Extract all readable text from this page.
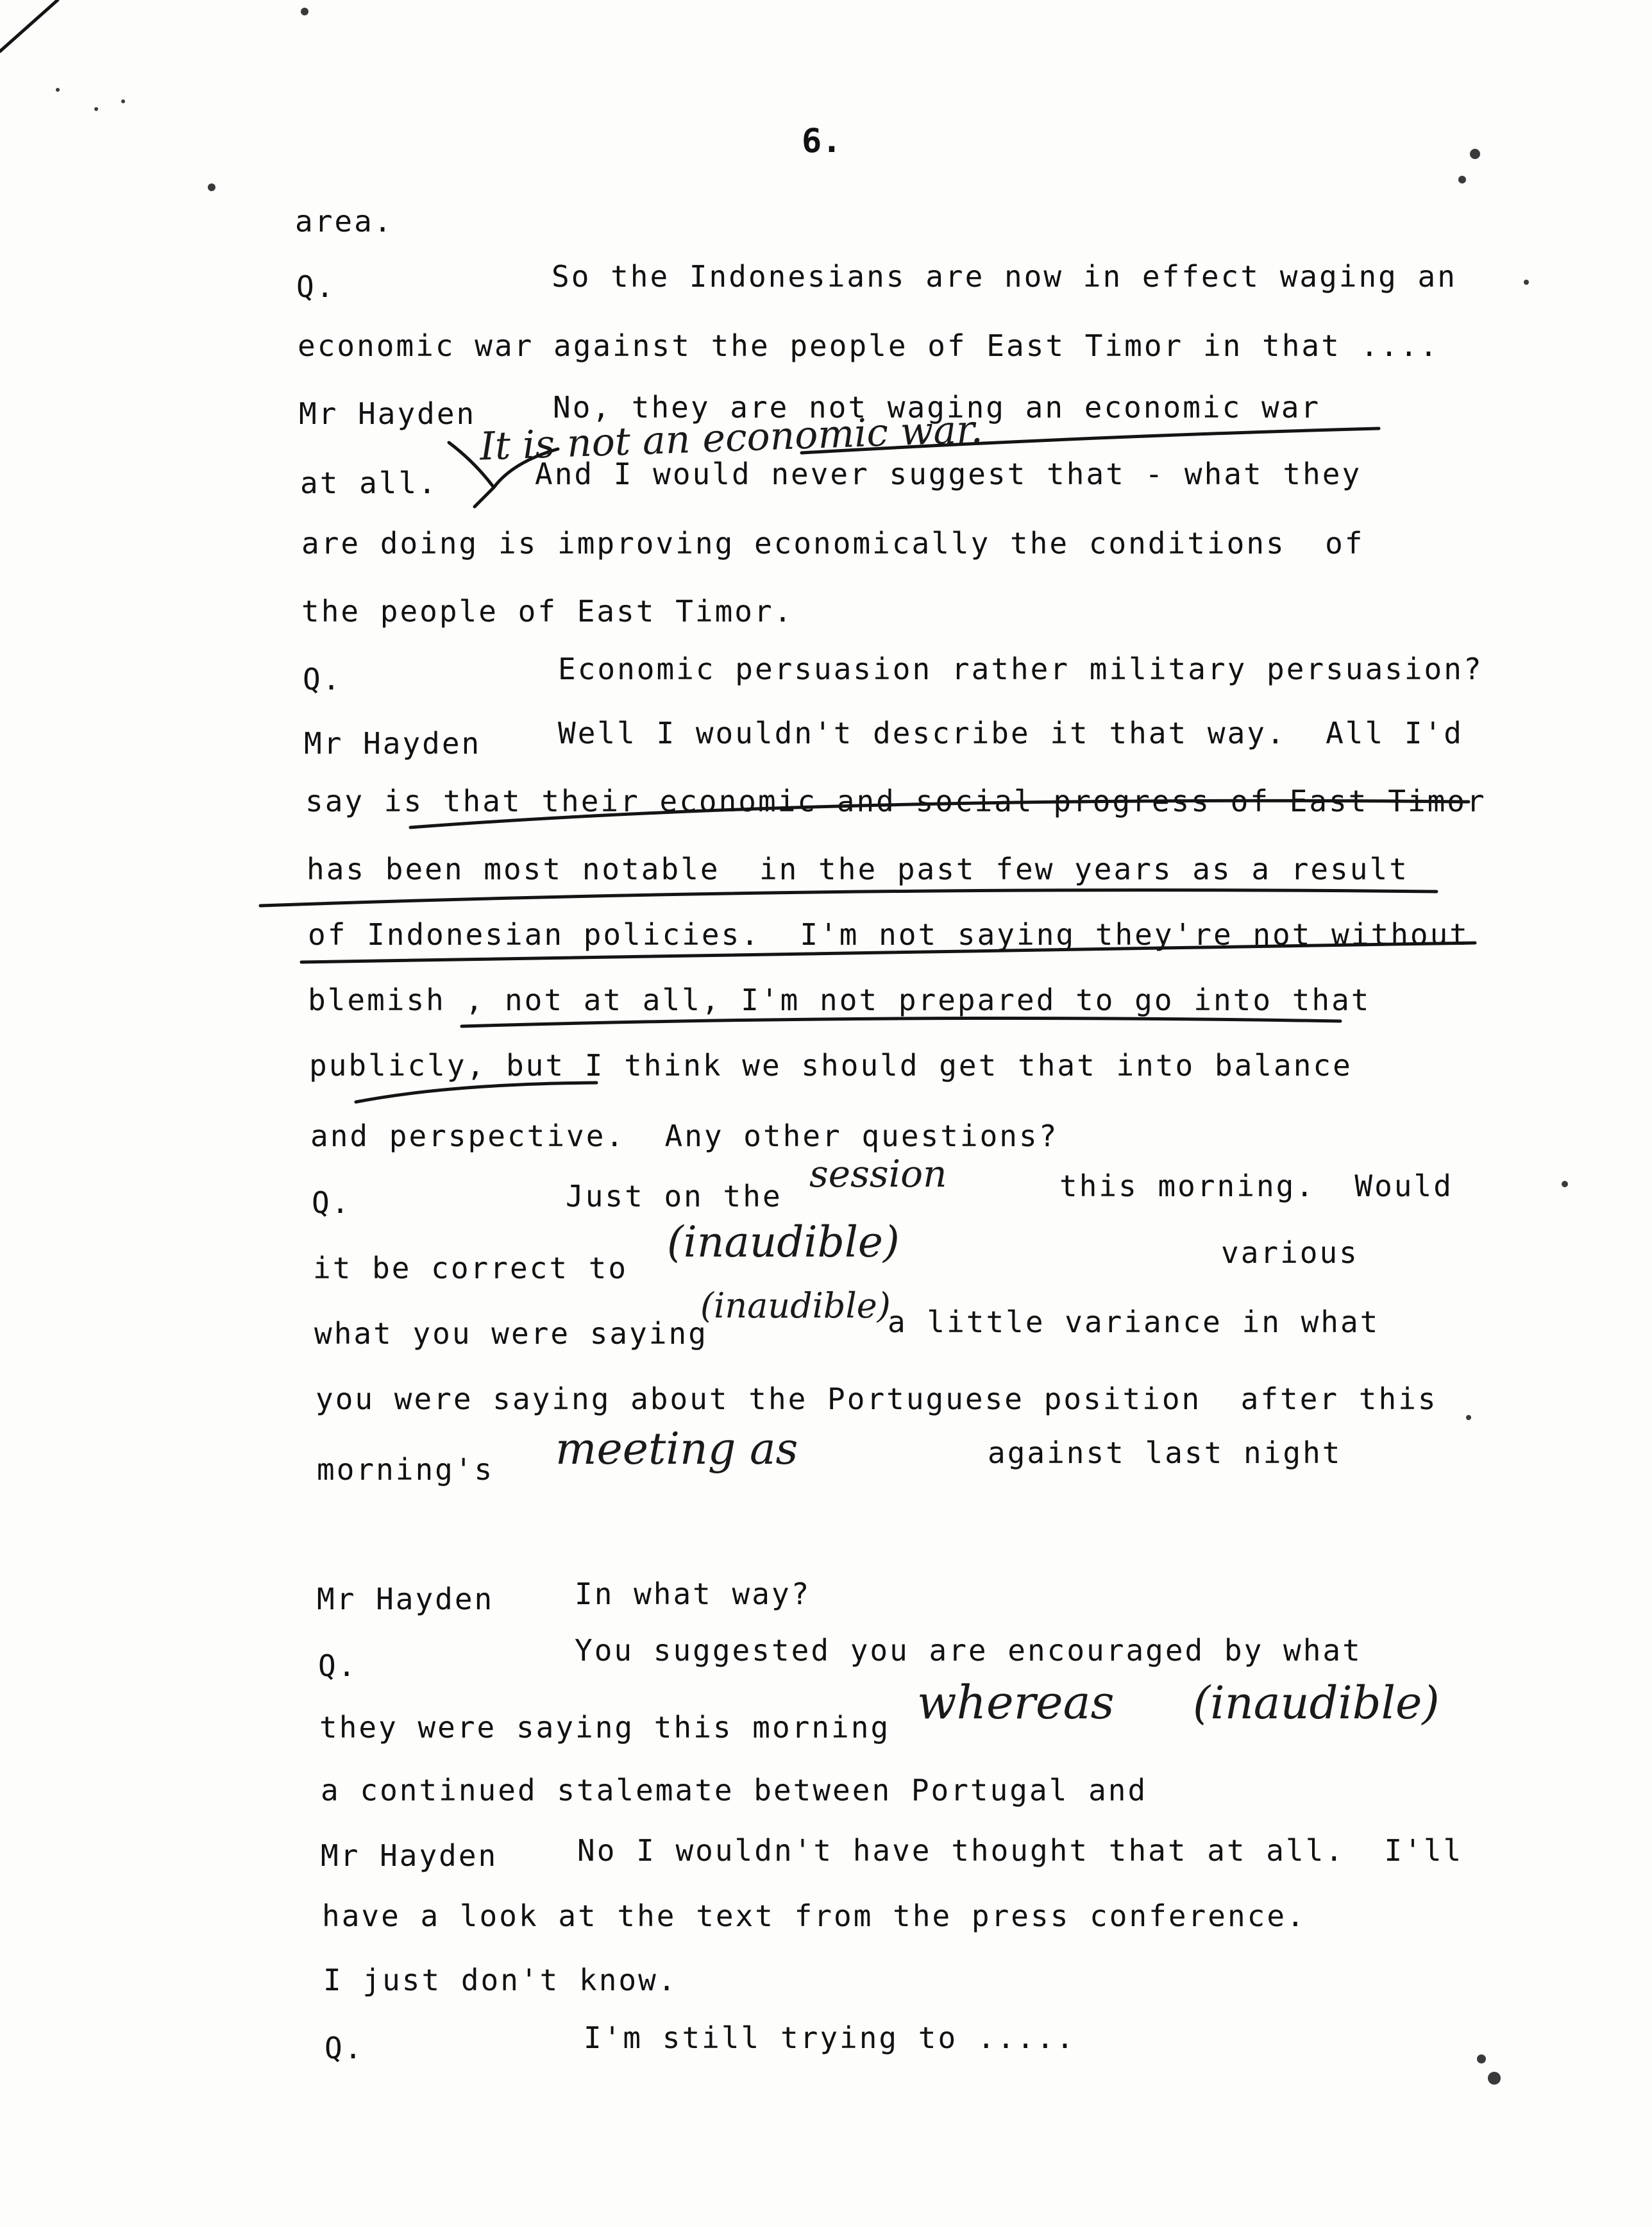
6.
area.
Q.	So the Indonesians are now in effect waging an
economic war against the people of East Timor in that ....
Mr Hayden	No, they are not waging an economic war
at all.	And I would never suggest that - what they
are doing is improving economically the conditions  of
the people of East Timor.
Q.	Economic persuasion rather military persuasion?
Mr Hayden	Well I wouldn't describe it that way.  All I'd
say is that their economic and social progress of East Timor
has been most notable  in the past few years as a result
of Indonesian policies.  I'm not saying they're not without
blemish , not at all, I'm not prepared to go into that
publicly, but I think we should get that into balance
and perspective.  Any other questions?
Q.	Just on the	this morning.  Would
it be correct to	various
what you were saying	a little variance in what
you were saying about the Portuguese position  after this
morning's	against last night
Mr Hayden	In what way?
Q.	You suggested you are encouraged by what
they were saying this morning
a continued stalemate between Portugal and
Mr Hayden	No I wouldn't have thought that at all.  I'll
have a look at the text from the press conference.
I just don't know.
Q.	I'm still trying to .....
It is not an economic war.
session
(inaudible)
(inaudible)
meeting as
whereas (inaudible)
